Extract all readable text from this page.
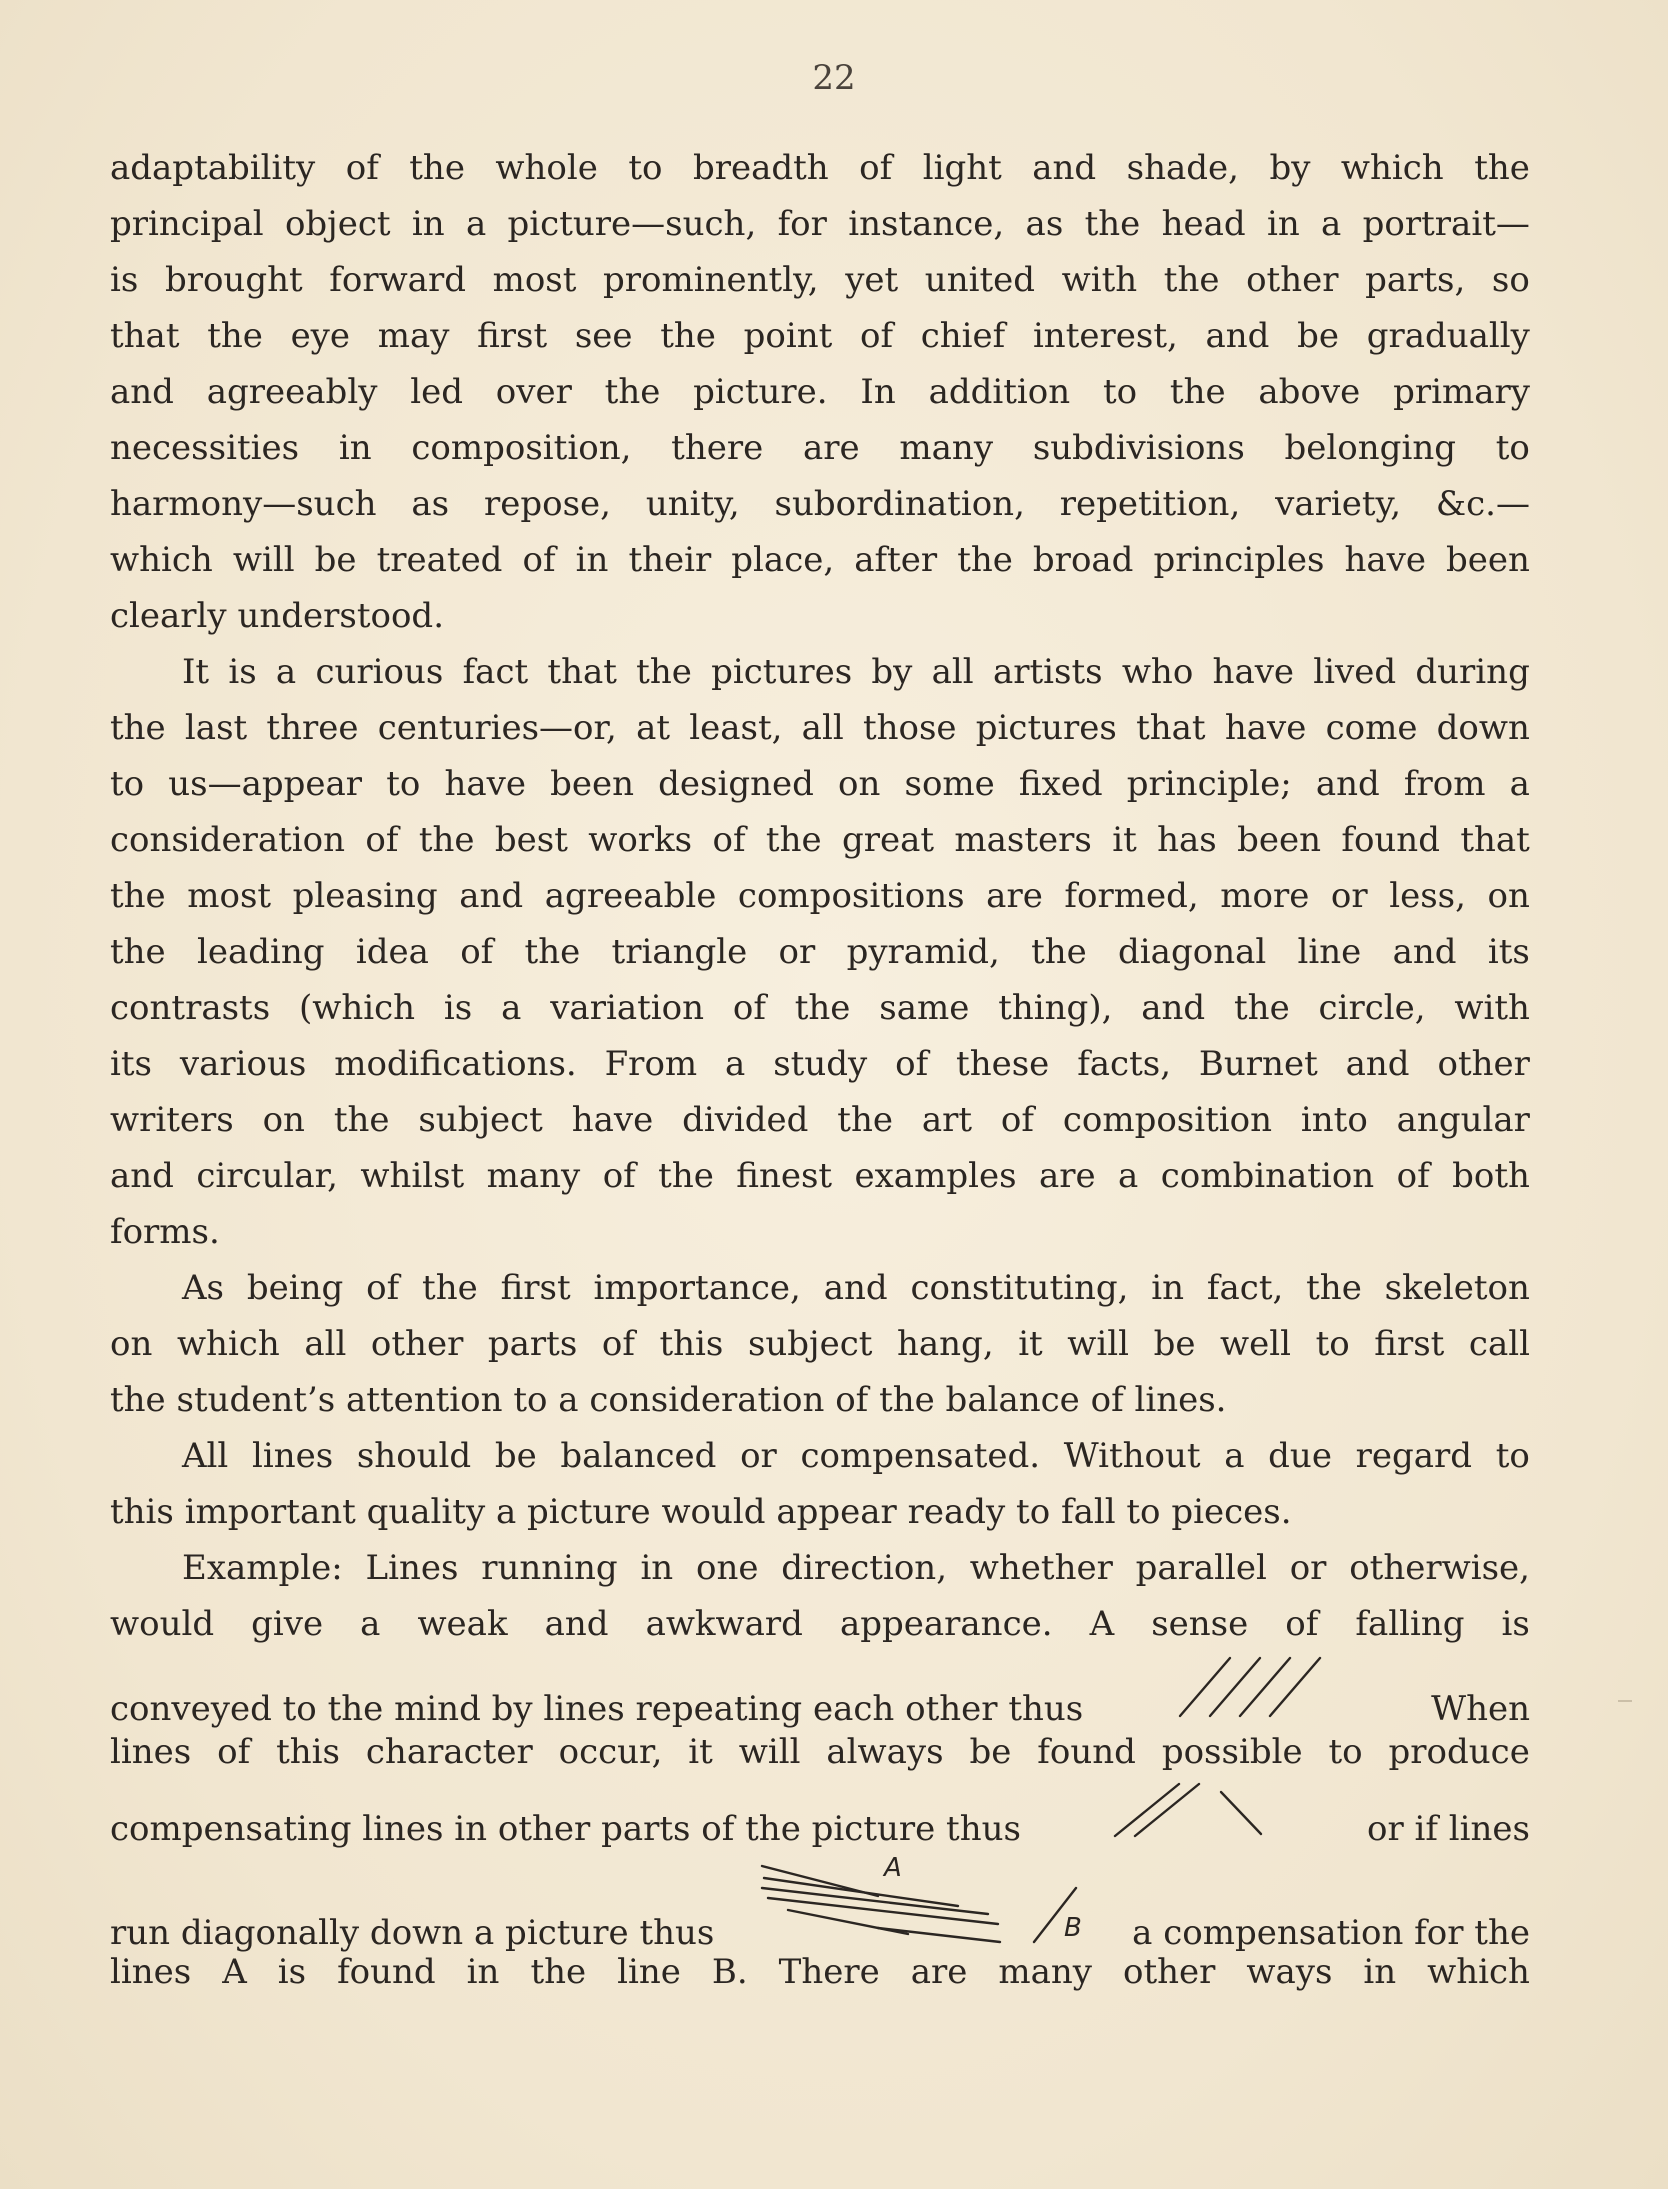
22
adaptability of the whole to breadth of light and shade, by which the
principal object in a picture—such, for instance, as the head in a portrait—
is brought forward most prominently, yet united with the other parts, so
that the eye may first see the point of chief interest, and be gradually
and agreeably led over the picture. In addition to the above primary
necessities in composition, there are many subdivisions belonging to
harmony—such as repose, unity, subordination, repetition, variety, &c.—
which will be treated of in their place, after the broad principles have been
clearly understood.
It is a curious fact that the pictures by all artists who have lived during
the last three centuries—or, at least, all those pictures that have come down
to us—appear to have been designed on some fixed principle; and from a
consideration of the best works of the great masters it has been found that
the most pleasing and agreeable compositions are formed, more or less, on
the leading idea of the triangle or pyramid, the diagonal line and its
contrasts (which is a variation of the same thing), and the circle, with
its various modifications. From a study of these facts, Burnet and other
writers on the subject have divided the art of composition into angular
and circular, whilst many of the finest examples are a combination of both
forms.
As being of the first importance, and constituting, in fact, the skeleton
on which all other parts of this subject hang, it will be well to first call
the student’s attention to a consideration of the balance of lines.
All lines should be balanced or compensated. Without a due regard to
this important quality a picture would appear ready to fall to pieces.
Example: Lines running in one direction, whether parallel or otherwise,
would give a weak and awkward appearance. A sense of falling is
conveyed to the mind by lines repeating each other thus	When
lines of this character occur, it will always be found possible to produce
compensating lines in other parts of the picture thus	or if lines
run diagonally down a picture thus
A
B a compensation for the
lines A is found in the line B. There are many other ways in which
